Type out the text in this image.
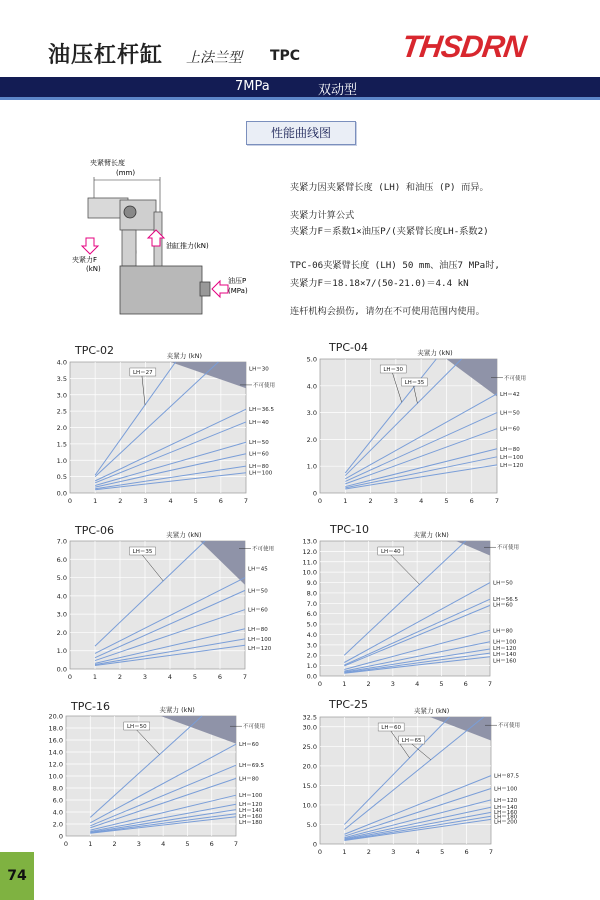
油压杠杆缸 上法兰型 TPC	THSDRN
7MPa	双动型
性能曲线图
夹紧臂长度
(mm)
夹紧力F
(kN)
油缸推力(kN)
油压P
(MPa)
夹紧力因夹紧臂长度 (LH) 和油压 (P) 而异。
夹紧力计算公式
夹紧力F＝系数1×油压P/(夹紧臂长度LH-系数2)
TPC-06夹紧臂长度 (LH) 50 mm、油压7 MPa时,
夹紧力F＝18.18×7/(50-21.0)＝4.4 kN
连杆机构会损伤, 请勿在不可使用范围内使用。
0.0
0.5
1.0
1.5
2.0
2.5
3.0
3.5
4.0
0	1	2	3	4	5	6	7
LH＝27
LH＝30
LH＝36.5
LH＝40
LH＝50
LH＝60
LH＝80
LH＝100
不可使用
夹紧力 (kN)
TPC-02
0
1.0
2.0
3.0
4.0
5.0
0	1	2	3	4	5	6	7
LH＝30
LH＝35
LH＝42
LH＝50
LH＝60
LH＝80
LH＝100
LH＝120
不可使用
夹紧力 (kN)
TPC-04
0.0
1.0
2.0
3.0
4.0
5.0
6.0
7.0
0	1	2	3	4	5	6	7
LH＝35
LH＝45
LH＝50
LH＝60
LH＝80
LH＝100
LH＝120
不可使用
夹紧力 (kN)
TPC-06
0.0
1.0
2.0
3.0
4.0
5.0
6.0
7.0
8.0
9.0
10.0
11.0
12.0
13.0
0	1	2	3	4	5	6	7
LH＝40
LH＝50
LH＝56.5
LH＝60
LH＝80
LH＝100
LH＝120
LH＝140
LH＝160
不可使用
夹紧力 (kN)
TPC-10
0
2.0
4.0
6.0
8.0
10.0
12.0
14.0
16.0
18.0
20.0
0	1	2	3	4	5	6	7
LH＝50
LH＝60
LH＝69.5
LH＝80
LH＝100
LH＝120
LH＝140
LH＝160
LH＝180
不可使用
夹紧力 (kN)
TPC-16
0
5.0
10.0
15.0
20.0
25.0
30.0
32.5
0	1	2	3	4	5	6	7
LH＝60
LH＝65
LH＝87.5
LH＝100
LH＝120
LH＝140
LH＝160
LH＝180
LH＝200
不可使用
夹紧力 (kN)
TPC-25
74
